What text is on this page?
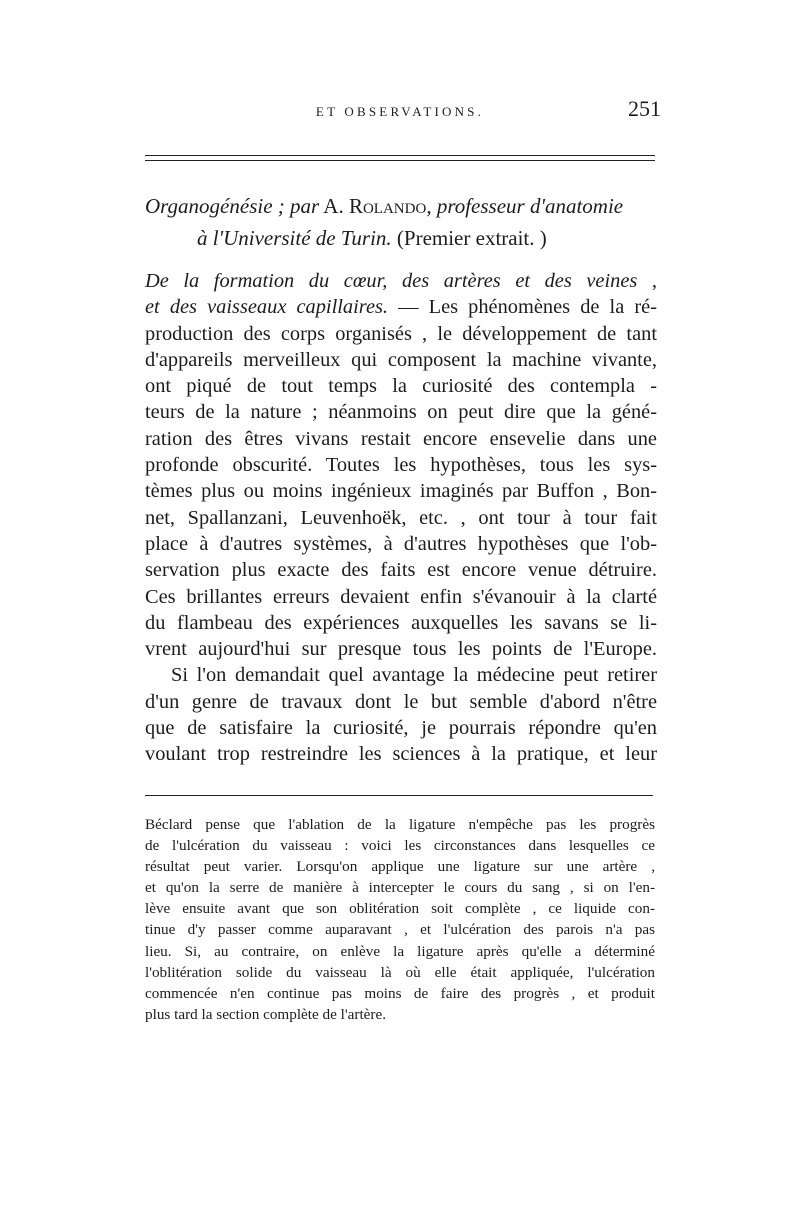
ET OBSERVATIONS.	251
Organogénésie ; par A. Rolando, professeur d'anatomie
à l'Université de Turin. (Premier extrait. )
De la formation du cœur, des artères et des veines ,
et des vaisseaux capillaires. — Les phénomènes de la ré-
production des corps organisés , le développement de tant
d'appareils merveilleux qui composent la machine vivante,
ont piqué de tout temps la curiosité des contempla -
teurs de la nature ; néanmoins on peut dire que la géné-
ration des êtres vivans restait encore ensevelie dans une
profonde obscurité. Toutes les hypothèses, tous les sys-
tèmes plus ou moins ingénieux imaginés par Buffon , Bon-
net, Spallanzani, Leuvenhoëk, etc. , ont tour à tour fait
place à d'autres systèmes, à d'autres hypothèses que l'ob-
servation plus exacte des faits est encore venue détruire.
Ces brillantes erreurs devaient enfin s'évanouir à la clarté
du flambeau des expériences auxquelles les savans se li-
vrent aujourd'hui sur presque tous les points de l'Europe.
Si l'on demandait quel avantage la médecine peut retirer
d'un genre de travaux dont le but semble d'abord n'être
que de satisfaire la curiosité, je pourrais répondre qu'en
voulant trop restreindre les sciences à la pratique, et leur
Béclard pense que l'ablation de la ligature n'empêche pas les progrès
de l'ulcération du vaisseau : voici les circonstances dans lesquelles ce
résultat peut varier. Lorsqu'on applique une ligature sur une artère ,
et qu'on la serre de manière à intercepter le cours du sang , si on l'en-
lève ensuite avant que son oblitération soit complète , ce liquide con-
tinue d'y passer comme auparavant , et l'ulcération des parois n'a pas
lieu. Si, au contraire, on enlève la ligature après qu'elle a déterminé
l'oblitération solide du vaisseau là où elle était appliquée, l'ulcération
commencée n'en continue pas moins de faire des progrès , et produit
plus tard la section complète de l'artère.
